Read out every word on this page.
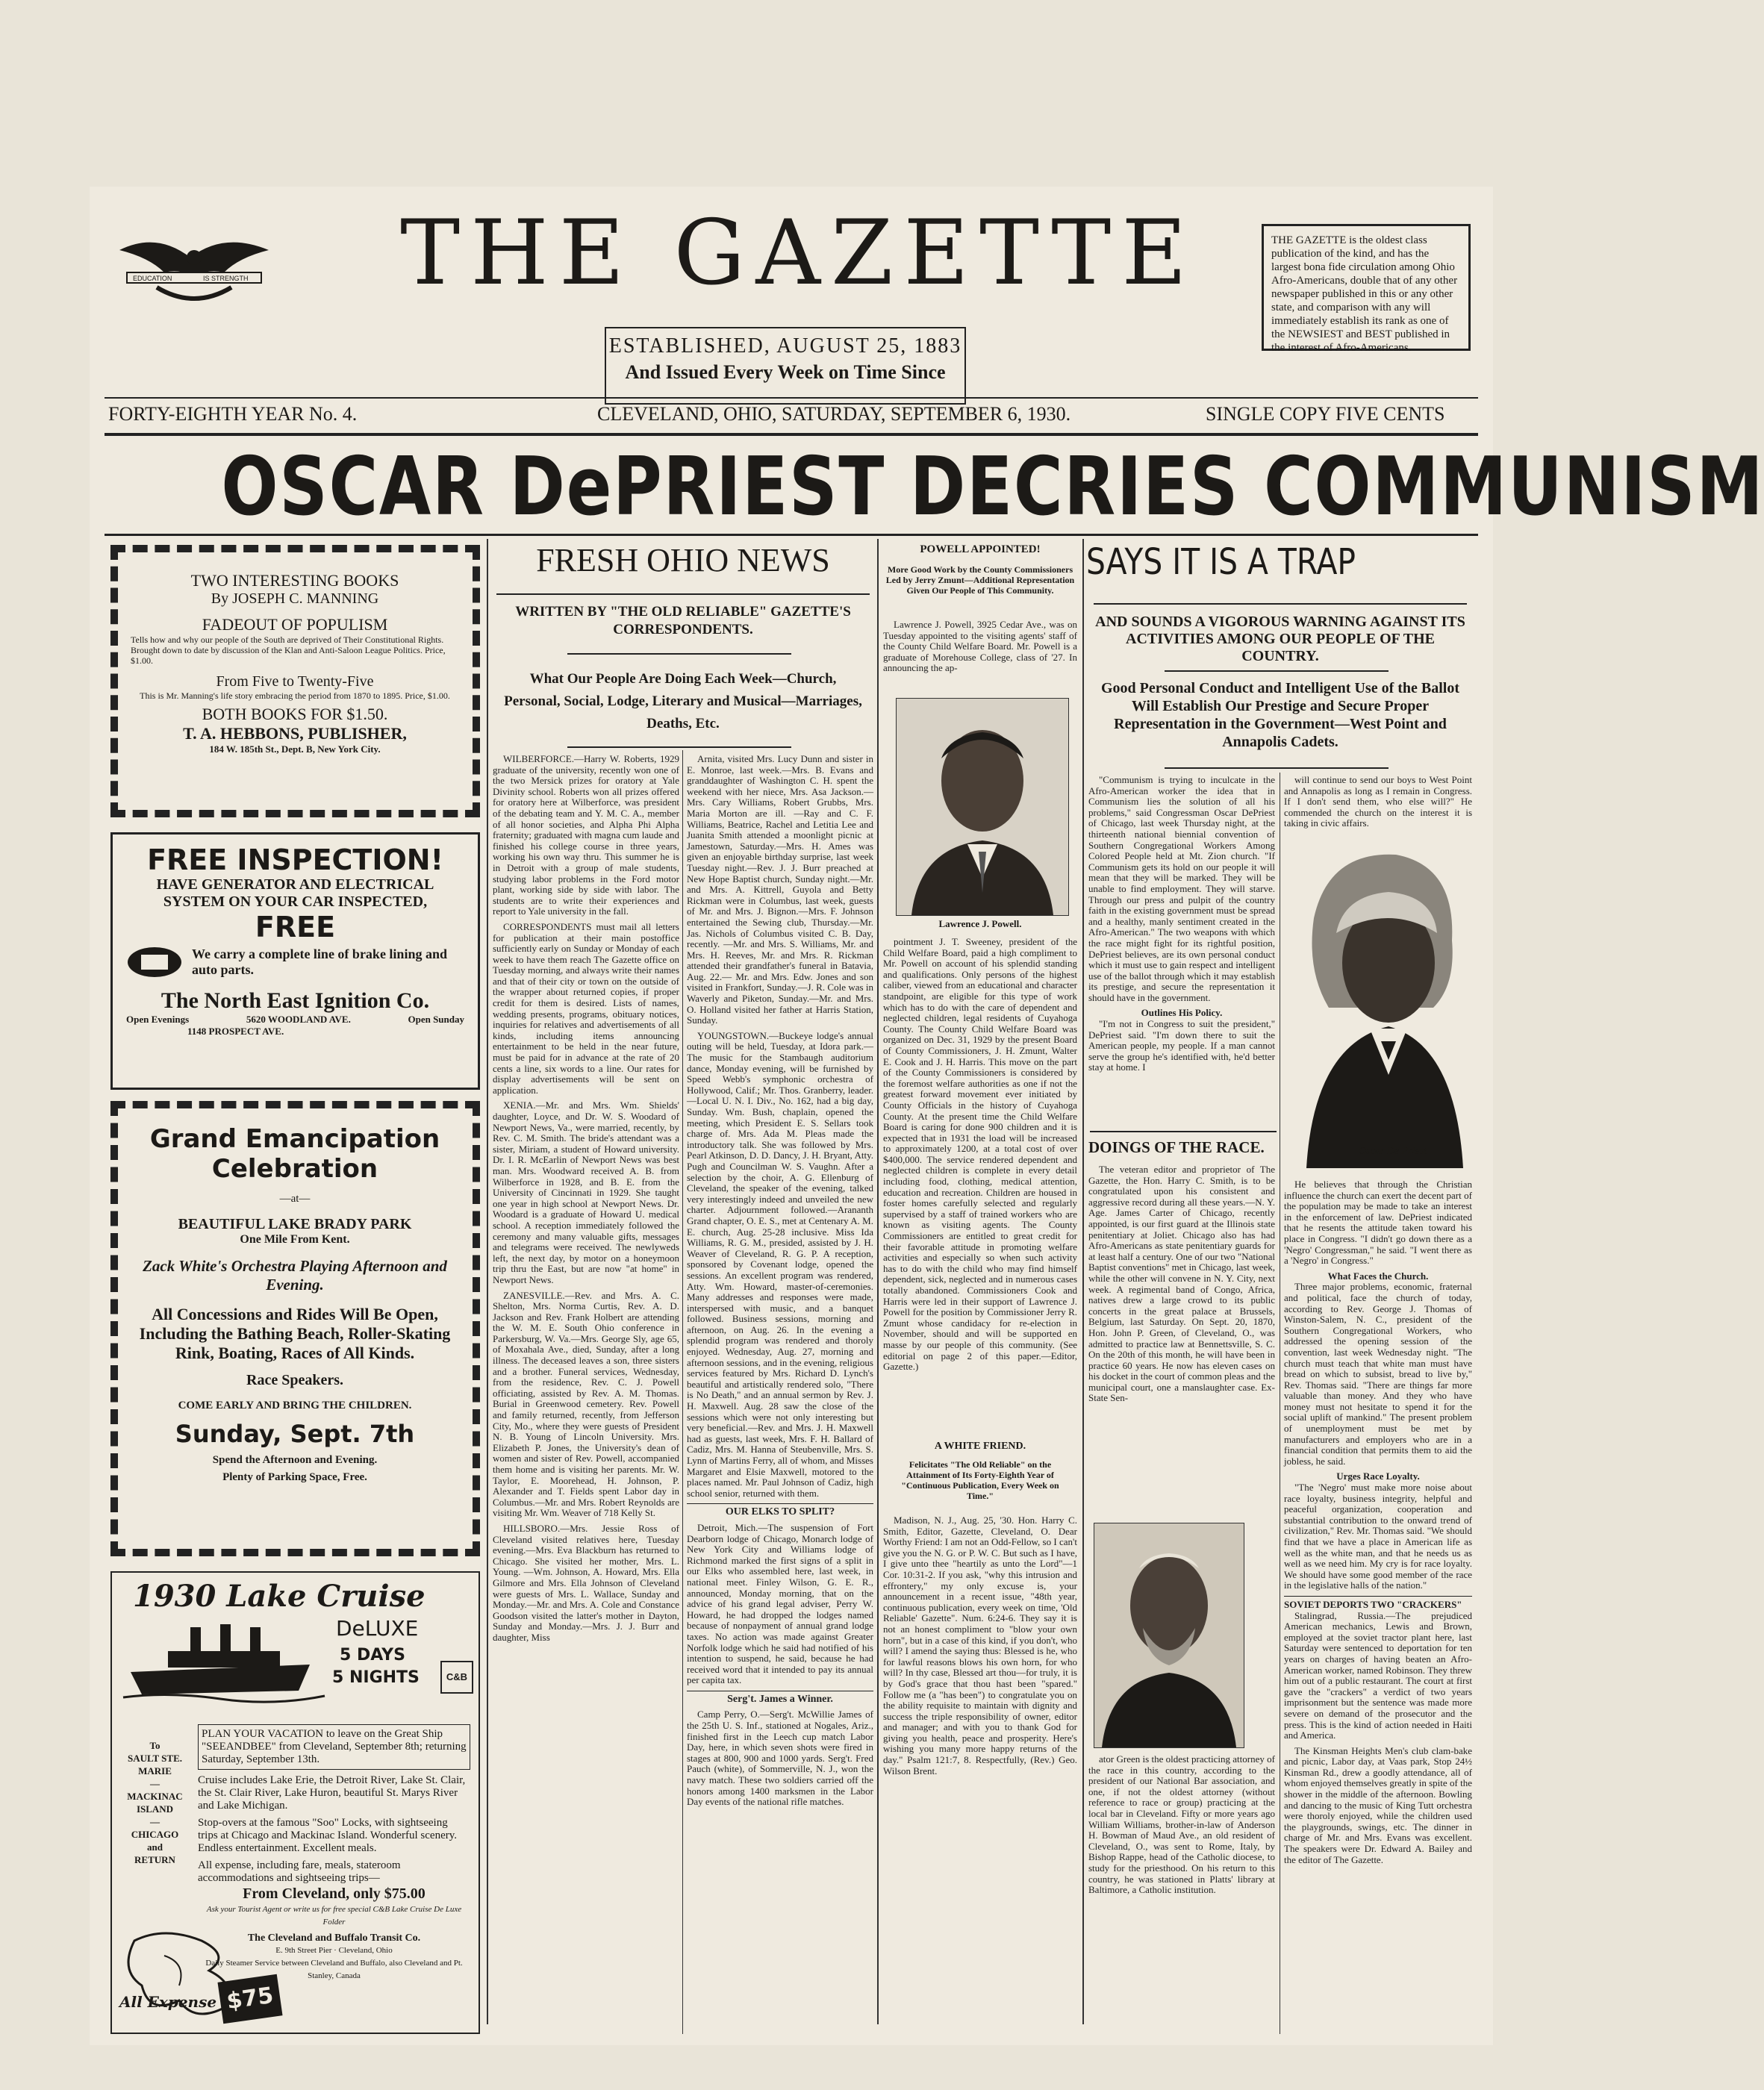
EDUCATION	IS STRENGTH THE GAZETTE
ESTABLISHED, AUGUST 25, 1883
And Issued Every Week on Time Since
THE GAZETTE is the oldest class publication of the kind, and has the largest bona fide circulation among Ohio Afro-Americans, double that of any other newspaper published in this or any other state, and comparison with any will immediately establish its rank as one of the NEWSIEST and BEST published in the interest of Afro-Americans.
FORTY-EIGHTH YEAR No. 4.	CLEVELAND, OHIO, SATURDAY, SEPTEMBER 6, 1930.	SINGLE COPY FIVE CENTS
OSCAR DePRIEST DECRIES COMMUNISM
TWO INTERESTING BOOKS
By JOSEPH C. MANNING
FADEOUT OF POPULISM
Tells how and why our people of the South are deprived of Their Constitutional Rights. Brought down to date by discussion of the Klan and Anti-Saloon League Politics. Price, $1.00.
From Five to Twenty-Five
This is Mr. Manning's life story embracing the period from 1870 to 1895. Price, $1.00.
BOTH BOOKS FOR $1.50.
T. A. HEBBONS, PUBLISHER,
184 W. 185th St., Dept. B, New York City.
FREE INSPECTION!
HAVE GENERATOR AND ELECTRICAL SYSTEM ON YOUR CAR INSPECTED,
FREE
We carry a complete line of brake lining and auto parts.
The North East Ignition Co.
Open Evenings	5620 WOODLAND AVE.	Open Sunday
1148 PROSPECT AVE.
Grand Emancipation
Celebration
—at—
BEAUTIFUL LAKE BRADY PARK
One Mile From Kent.
Zack White's Orchestra Playing Afternoon and Evening.
All Concessions and Rides Will Be Open, Including the Bathing Beach, Roller-Skating Rink, Boating, Races of All Kinds.
Race Speakers.
COME EARLY AND BRING THE CHILDREN.
Sunday, Sept. 7th
Spend the Afternoon and Evening.
Plenty of Parking Space, Free.
1930 Lake Cruise
DeLUXE
5 DAYS
5 NIGHTS	C&B
To
SAULT STE. MARIE
—
MACKINAC ISLAND
—
CHICAGO
and
RETURN
PLAN YOUR VACATION to leave on the Great Ship "SEEANDBEE" from Cleveland, September 8th; returning Saturday, September 13th.
Cruise includes Lake Erie, the Detroit River, Lake St. Clair, the St. Clair River, Lake Huron, beautiful St. Marys River and Lake Michigan.
Stop-overs at the famous "Soo" Locks, with sightseeing trips at Chicago and Mackinac Island. Wonderful scenery. Endless entertainment. Excellent meals.
All expense, including fare, meals, stateroom accommodations and sightseeing trips—
From Cleveland, only $75.00
Ask your Tourist Agent or write us for free special C&B Lake Cruise De Luxe Folder
The Cleveland and Buffalo Transit Co.
E. 9th Street Pier · Cleveland, Ohio
Daily Steamer Service between Cleveland and Buffalo, also Cleveland and Pt. Stanley, Canada
All Expense $75
FRESH OHIO NEWS
WRITTEN BY "THE OLD RELIABLE" GAZETTE'S CORRESPONDENTS.
What Our People Are Doing Each Week—Church, Personal, Social, Lodge, Literary and Musical—Marriages, Deaths, Etc.

WILBERFORCE.—Harry W. Roberts, 1929 graduate of the university, recently won one of the two Mersick prizes for oratory at Yale Divinity school. Roberts won all prizes offered for oratory here at Wilberforce, was president of the debating team and Y. M. C. A., member of all honor societies, and Alpha Phi Alpha fraternity; graduated with magna cum laude and finished his college course in three years, working his own way thru. This summer he is in Detroit with a group of male students, studying labor problems in the Ford motor plant, working side by side with labor. The students are to write their experiences and report to Yale university in the fall.

CORRESPONDENTS must mail all letters for publication at their main postoffice sufficiently early on Sunday or Monday of each week to have them reach The Gazette office on Tuesday morning, and always write their names and that of their city or town on the outside of the wrapper about returned copies, if proper credit for them is desired. Lists of names, wedding presents, programs, obituary notices, inquiries for relatives and advertisements of all kinds, including items announcing entertainment to be held in the near future, must be paid for in advance at the rate of 20 cents a line, six words to a line. Our rates for display advertisements will be sent on application.

XENIA.—Mr. and Mrs. Wm. Shields' daughter, Loyce, and Dr. W. S. Woodard of Newport News, Va., were married, recently, by Rev. C. M. Smith. The bride's attendant was a sister, Miriam, a student of Howard university. Dr. I. R. McEarlin of Newport News was best man. Mrs. Woodward received A. B. from Wilberforce in 1928, and B. E. from the University of Cincinnati in 1929. She taught one year in high school at Newport News. Dr. Woodard is a graduate of Howard U. medical school. A reception immediately followed the ceremony and many valuable gifts, messages and telegrams were received. The newlyweds left, the next day, by motor on a honeymoon trip thru the East, but are now "at home" in Newport News.

ZANESVILLE.—Rev. and Mrs. A. C. Shelton, Mrs. Norma Curtis, Rev. A. D. Jackson and Rev. Frank Holbert are attending the W. M. E. South Ohio conference in Parkersburg, W. Va.—Mrs. George Sly, age 65, of Moxahala Ave., died, Sunday, after a long illness. The deceased leaves a son, three sisters and a brother. Funeral services, Wednesday, from the residence, Rev. C. J. Powell officiating, assisted by Rev. A. M. Thomas. Burial in Greenwood cemetery. Rev. Powell and family returned, recently, from Jefferson City, Mo., where they were guests of President N. B. Young of Lincoln University. Mrs. Elizabeth P. Jones, the University's dean of women and sister of Rev. Powell, accompanied them home and is visiting her parents. Mr. W. Taylor, E. Moorehead, H. Johnson, P. Alexander and T. Fields spent Labor day in Columbus.—Mr. and Mrs. Robert Reynolds are visiting Mr. Wm. Weaver of 718 Kelly St.

HILLSBORO.—Mrs. Jessie Ross of Cleveland visited relatives here, Tuesday evening.—Mrs. Eva Blackburn has returned to Chicago. She visited her mother, Mrs. L. Young. —Wm. Johnson, A. Howard, Mrs. Ella Gilmore and Mrs. Ella Johnson of Cleveland were guests of Mrs. L. Wallace, Sunday and Monday.—Mr. and Mrs. A. Cole and Constance Goodson visited the latter's mother in Dayton, Sunday and Monday.—Mrs. J. J. Burr and daughter, Miss

Arnita, visited Mrs. Lucy Dunn and sister in E. Monroe, last week.—Mrs. B. Evans and granddaughter of Washington C. H. spent the weekend with her niece, Mrs. Asa Jackson.—Mrs. Cary Williams, Robert Grubbs, Mrs. Maria Morton are ill. —Ray and C. F. Williams, Beatrice, Rachel and Letitia Lee and Juanita Smith attended a moonlight picnic at Jamestown, Saturday.—Mrs. H. Ames was given an enjoyable birthday surprise, last week Tuesday night.—Rev. J. J. Burr preached at New Hope Baptist church, Sunday night.—Mr. and Mrs. A. Kittrell, Guyola and Betty Rickman were in Columbus, last week, guests of Mr. and Mrs. J. Bignon.—Mrs. F. Johnson entertained the Sewing club, Thursday.—Mr. Jas. Nichols of Columbus visited C. B. Day, recently. —Mr. and Mrs. S. Williams, Mr. and Mrs. H. Reeves, Mr. and Mrs. R. Rickman attended their grandfather's funeral in Batavia, Aug. 22.— Mr. and Mrs. Edw. Jones and son visited in Frankfort, Sunday.—J. R. Cole was in Waverly and Piketon, Sunday.—Mr. and Mrs. O. Holland visited her father at Harris Station, Sunday.

YOUNGSTOWN.—Buckeye lodge's annual outing will be held, Tuesday, at Idora park.—The music for the Stambaugh auditorium dance, Monday evening, will be furnished by Speed Webb's symphonic orchestra of Hollywood, Calif.; Mr. Thos. Granberry, leader.—Local U. N. I. Div., No. 162, had a big day, Sunday. Wm. Bush, chaplain, opened the meeting, which President E. S. Sellars took charge of. Mrs. Ada M. Pleas made the introductory talk. She was followed by Mrs. Pearl Atkinson, D. D. Dancy, J. H. Bryant, Atty. Pugh and Councilman W. S. Vaughn. After a selection by the choir, A. G. Ellenburg of Cleveland, the speaker of the evening, talked very interestingly indeed and unveiled the new charter. Adjournment followed.—Arananth Grand chapter, O. E. S., met at Centenary A. M. E. church, Aug. 25-28 inclusive. Miss Ida Williams, R. G. M., presided, assisted by J. H. Weaver of Cleveland, R. G. P. A reception, sponsored by Covenant lodge, opened the sessions. An excellent program was rendered, Atty. Wm. Howard, master-of-ceremonies. Many addresses and responses were made, interspersed with music, and a banquet followed. Business sessions, morning and afternoon, on Aug. 26. In the evening a splendid program was rendered and thoroly enjoyed. Wednesday, Aug. 27, morning and afternoon sessions, and in the evening, religious services featured by Mrs. Richard D. Lynch's beautiful and artistically rendered solo, "There is No Death," and an annual sermon by Rev. J. H. Maxwell. Aug. 28 saw the close of the sessions which were not only interesting but very beneficial.—Rev. and Mrs. J. H. Maxwell had as guests, last week, Mrs. F. H. Ballard of Cadiz, Mrs. M. Hanna of Steubenville, Mrs. S. Lynn of Martins Ferry, all of whom, and Misses Margaret and Elsie Maxwell, motored to the places named. Mr. Paul Johnson of Cadiz, high school senior, returned with them.

OUR ELKS TO SPLIT?

Detroit, Mich.—The suspension of Fort Dearborn lodge of Chicago, Monarch lodge of New York City and Williams lodge of Richmond marked the first signs of a split in our Elks who assembled here, last week, in national meet. Finley Wilson, G. E. R., announced, Monday morning, that on the advice of his grand legal adviser, Perry W. Howard, he had dropped the lodges named because of nonpayment of annual grand lodge taxes. No action was made against Greater Norfolk lodge which he said had notified of his intention to suspend, he said, because he had received word that it intended to pay its annual per capita tax.

Serg't. James a Winner.

Camp Perry, O.—Serg't. McWillie James of the 25th U. S. Inf., stationed at Nogales, Ariz., finished first in the Leech cup match Labor Day, here, in which seven shots were fired in stages at 800, 900 and 1000 yards. Serg't. Fred Pauch (white), of Sommerville, N. J., won the navy match. These two soldiers carried off the honors among 1400 marksmen in the Labor Day events of the national rifle matches.

POWELL APPOINTED!
More Good Work by the County Commissioners Led by Jerry Zmunt—Additional Representation Given Our People of This Community.

Lawrence J. Powell, 3925 Cedar Ave., was on Tuesday appointed to the visiting agents' staff of the County Child Welfare Board. Mr. Powell is a graduate of Morehouse College, class of '27. In announcing the ap-

Lawrence J. Powell.

pointment J. T. Sweeney, president of the Child Welfare Board, paid a high compliment to Mr. Powell on account of his splendid standing and qualifications. Only persons of the highest caliber, viewed from an educational and character standpoint, are eligible for this type of work which has to do with the care of dependent and neglected children, legal residents of Cuyahoga County. The County Child Welfare Board was organized on Dec. 31, 1929 by the present Board of County Commissioners, J. H. Zmunt, Walter E. Cook and J. H. Harris. This move on the part of the County Commissioners is considered by the foremost welfare authorities as one if not the greatest forward movement ever initiated by County Officials in the history of Cuyahoga County. At the present time the Child Welfare Board is caring for done 900 children and it is expected that in 1931 the load will be increased to approximately 1200, at a total cost of over $400,000. The service rendered dependent and neglected children is complete in every detail including food, clothing, medical attention, education and recreation. Children are housed in foster homes carefully selected and regularly supervised by a staff of trained workers who are known as visiting agents. The County Commissioners are entitled to great credit for their favorable attitude in promoting welfare activities and especially so when such activity has to do with the child who may find himself dependent, sick, neglected and in numerous cases totally abandoned. Commissioners Cook and Harris were led in their support of Lawrence J. Powell for the position by Commissioner Jerry R. Zmunt whose candidacy for re-election in November, should and will be supported en masse by our people of this community. (See editorial on page 2 of this paper.—Editor, Gazette.)

A WHITE FRIEND.
Felicitates "The Old Reliable" on the Attainment of Its Forty-Eighth Year of "Continuous Publication, Every Week on Time."

Madison, N. J., Aug. 25, '30. Hon. Harry C. Smith, Editor, Gazette, Cleveland, O. Dear Worthy Friend: I am not an Odd-Fellow, so I can't give you the N. G. or P. W. C. But such as I have, I give unto thee "heartily as unto the Lord"—1 Cor. 10:31-2. If you ask, "why this intrusion and effrontery," my only excuse is, your announcement in a recent issue, "48th year, continuous publication, every week on time, 'Old Reliable' Gazette". Num. 6:24-6. They say it is not an honest compliment to "blow your own horn", but in a case of this kind, if you don't, who will? I amend the saying thus: Blessed is he, who for lawful reasons blows his own horn, for who will? In thy case, Blessed art thou—for truly, it is by God's grace that thou hast been "spared." Follow me (a "has been") to congratulate you on the ability requisite to maintain with dignity and success the triple responsibility of owner, editor and manager; and with you to thank God for giving you health, peace and prosperity. Here's wishing you many more happy returns of the day." Psalm 121:7, 8. Respectfully, (Rev.) Geo. Wilson Brent.

SAYS IT IS A TRAP
AND SOUNDS A VIGOROUS WARNING AGAINST ITS ACTIVITIES AMONG OUR PEOPLE OF THE COUNTRY.
Good Personal Conduct and Intelligent Use of the Ballot Will Establish Our Prestige and Secure Proper Representation in the Government—West Point and Annapolis Cadets.

"Communism is trying to inculcate in the Afro-American worker the idea that in Communism lies the solution of all his problems," said Congressman Oscar DePriest of Chicago, last week Thursday night, at the thirteenth national biennial convention of Southern Congregational Workers Among Colored People held at Mt. Zion church. "If Communism gets its hold on our people it will mean that they will be marked. They will be unable to find employment. They will starve. Through our press and pulpit of the country faith in the existing government must be spread and a healthy, manly sentiment created in the Afro-American." The two weapons with which the race might fight for its rightful position, DePriest believes, are its own personal conduct which it must use to gain respect and intelligent use of the ballot through which it may establish its prestige, and secure the representation it should have in the government.

Outlines His Policy.

"I'm not in Congress to suit the president," DePriest said. "I'm down there to suit the American people, my people. If a man cannot serve the group he's identified with, he'd better stay at home. I

will continue to send our boys to West Point and Annapolis as long as I remain in Congress. If I don't send them, who else will?" He commended the church on the interest it is taking in civic affairs.

Oscar De Priest

He believes that through the Christian influence the church can exert the decent part of the population may be made to take an interest in the enforcement of law. DePriest indicated that he resents the attitude taken toward his place in Congress. "I didn't go down there as a 'Negro' Congressman," he said. "I went there as a 'Negro' in Congress."

What Faces the Church.

Three major problems, economic, fraternal and political, face the church of today, according to Rev. George J. Thomas of Winston-Salem, N. C., president of the Southern Congregational Workers, who addressed the opening session of the convention, last week Wednesday night. "The church must teach that white man must have bread on which to subsist, bread to live by," Rev. Thomas said. "There are things far more valuable than money. And they who have money must not hesitate to spend it for the social uplift of mankind." The present problem of unemployment must be met by manufacturers and employers who are in a financial condition that permits them to aid the jobless, he said.

Urges Race Loyalty.

"The 'Negro' must make more noise about race loyalty, business integrity, helpful and peaceful organization, cooperation and substantial contribution to the onward trend of civilization," Rev. Mr. Thomas said. "We should find that we have a place in American life as well as the white man, and that he needs us as well as we need him. My cry is for race loyalty. We should have some good member of the race in the legislative halls of the nation."

SOVIET DEPORTS TWO "CRACKERS"

Stalingrad, Russia.—The prejudiced American mechanics, Lewis and Brown, employed at the soviet tractor plant here, last Saturday were sentenced to deportation for ten years on charges of having beaten an Afro-American worker, named Robinson. They threw him out of a public restaurant. The court at first gave the "crackers" a verdict of two years imprisonment but the sentence was made more severe on demand of the prosecutor and the press. This is the kind of action needed in Haiti and America.

The Kinsman Heights Men's club clam-bake and picnic, Labor day, at Vaas park, Stop 24½ Kinsman Rd., drew a goodly attendance, all of whom enjoyed themselves greatly in spite of the shower in the middle of the afternoon. Bowling and dancing to the music of King Tutt orchestra were thoroly enjoyed, while the children used the playgrounds, swings, etc. The dinner in charge of Mr. and Mrs. Evans was excellent. The speakers were Dr. Edward A. Bailey and the editor of The Gazette.

DOINGS OF THE RACE.

The veteran editor and proprietor of The Gazette, the Hon. Harry C. Smith, is to be congratulated upon his consistent and aggressive record during all these years.—N. Y. Age. James Carter of Chicago, recently appointed, is our first guard at the Illinois state penitentiary at Joliet. Chicago also has had Afro-Americans as state penitentiary guards for at least half a century. One of our two "National Baptist conventions" met in Chicago, last week, while the other will convene in N. Y. City, next week. A regimental band of Congo, Africa, natives drew a large crowd to its public concerts in the great palace at Brussels, Belgium, last Saturday. On Sept. 20, 1870, Hon. John P. Green, of Cleveland, O., was admitted to practice law at Bennettsville, S. C. On the 20th of this month, he will have been in practice 60 years. He now has eleven cases on his docket in the court of common pleas and the municipal court, one a manslaughter case. Ex-State Sen-

ator Green is the oldest practicing attorney of the race in this country, according to the president of our National Bar association, and one, if not the oldest attorney (without reference to race or group) practicing at the local bar in Cleveland. Fifty or more years ago William Williams, brother-in-law of Anderson H. Bowman of Maud Ave., an old resident of Cleveland, O., was sent to Rome, Italy, by Bishop Rappe, head of the Catholic diocese, to study for the priesthood. On his return to this country, he was stationed in Platts' library at Baltimore, a Catholic institution.
